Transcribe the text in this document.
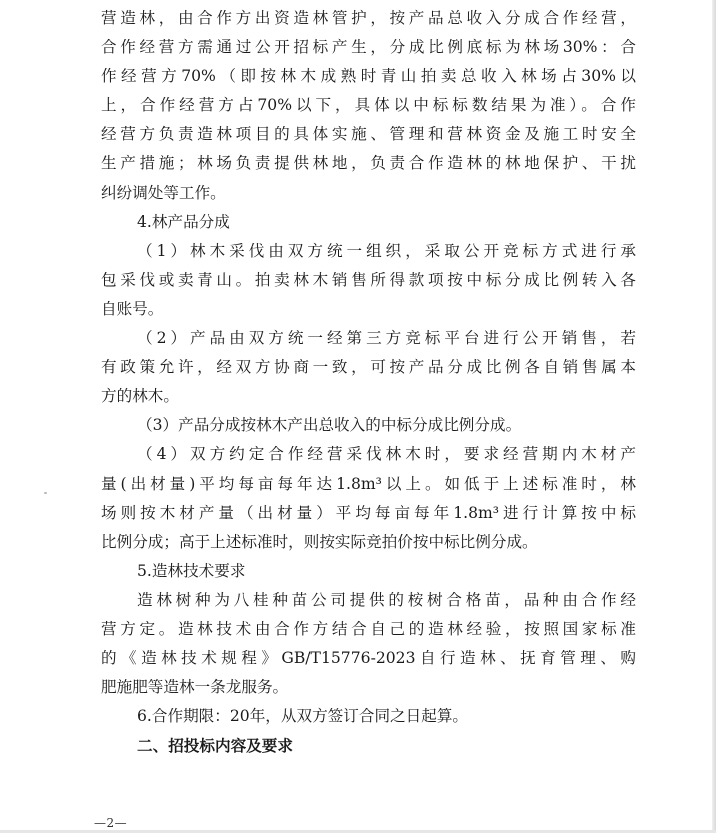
营造林，由合作方出资造林管护，按产品总收入分成合作经营，
合作经营方需通过公开招标产生，分成比例底标为林场30%：合
作经营方70%（即按林木成熟时青山拍卖总收入林场占30%以
上，合作经营方占70%以下，具体以中标标数结果为准）。合作
经营方负责造林项目的具体实施、管理和营林资金及施工时安全
生产措施；林场负责提供林地，负责合作造林的林地保护、干扰
纠纷调处等工作。
4.林产品分成
（1）林木采伐由双方统一组织，采取公开竞标方式进行承
包采伐或卖青山。拍卖林木销售所得款项按中标分成比例转入各
自账号。
（2）产品由双方统一经第三方竞标平台进行公开销售，若
有政策允许，经双方协商一致，可按产品分成比例各自销售属本
方的林木。
（3）产品分成按林木产出总收入的中标分成比例分成。
（4）双方约定合作经营采伐林木时，要求经营期内木材产
量(出材量)平均每亩每年达1.8m³以上。如低于上述标准时，林
场则按木材产量（出材量）平均每亩每年1.8m³进行计算按中标
比例分成；高于上述标准时，则按实际竞拍价按中标比例分成。
5.造林技术要求
造林树种为八桂种苗公司提供的桉树合格苗，品种由合作经
营方定。造林技术由合作方结合自己的造林经验，按照国家标准
的《造林技术规程》GB/T15776-2023自行造林、抚育管理、购
肥施肥等造林一条龙服务。
6.合作期限：20年，从双方签订合同之日起算。
二、招投标内容及要求
—2—
